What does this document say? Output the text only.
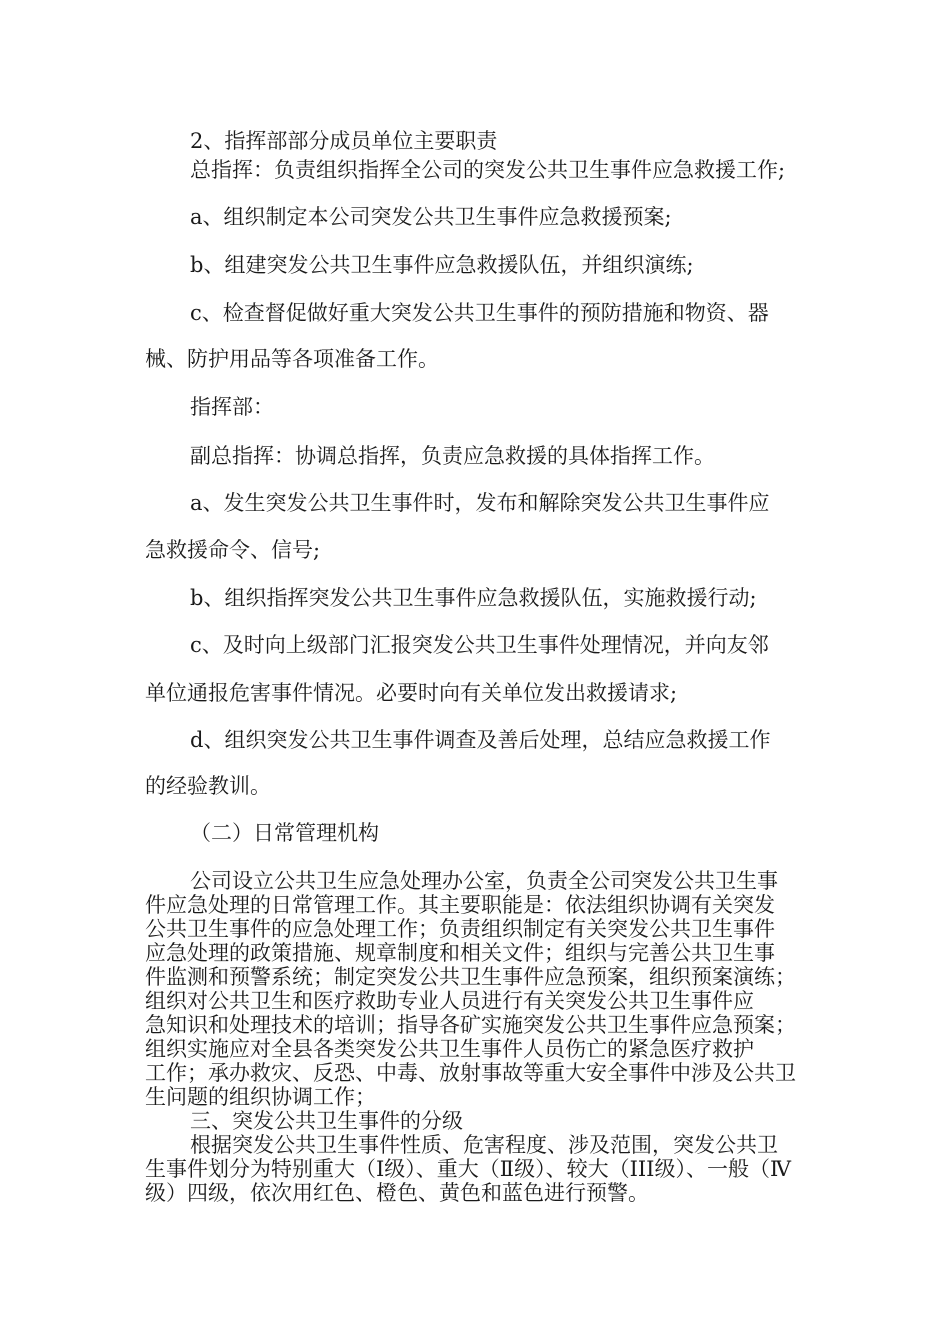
2、指挥部部分成员单位主要职责
总指挥：负责组织指挥全公司的突发公共卫生事件应急救援工作;
a、组织制定本公司突发公共卫生事件应急救援预案;
b、组建突发公共卫生事件应急救援队伍，并组织演练;
c、检查督促做好重大突发公共卫生事件的预防措施和物资、器
械、防护用品等各项准备工作。
指挥部：
副总指挥：协调总指挥，负责应急救援的具体指挥工作。
a、发生突发公共卫生事件时，发布和解除突发公共卫生事件应
急救援命令、信号;
b、组织指挥突发公共卫生事件应急救援队伍，实施救援行动;
c、及时向上级部门汇报突发公共卫生事件处理情况，并向友邻
单位通报危害事件情况。必要时向有关单位发出救援请求;
d、组织突发公共卫生事件调查及善后处理，总结应急救援工作
的经验教训。
（二）日常管理机构
公司设立公共卫生应急处理办公室，负责全公司突发公共卫生事
件应急处理的日常管理工作。其主要职能是：依法组织协调有关突发
公共卫生事件的应急处理工作；负责组织制定有关突发公共卫生事件
应急处理的政策措施、规章制度和相关文件；组织与完善公共卫生事
件监测和预警系统；制定突发公共卫生事件应急预案，组织预案演练；
组织对公共卫生和医疗救助专业人员进行有关突发公共卫生事件应
急知识和处理技术的培训；指导各矿实施突发公共卫生事件应急预案；
组织实施应对全县各类突发公共卫生事件人员伤亡的紧急医疗救护
工作；承办救灾、反恐、中毒、放射事故等重大安全事件中涉及公共卫
生问题的组织协调工作；
三、突发公共卫生事件的分级
根据突发公共卫生事件性质、危害程度、涉及范围，突发公共卫
生事件划分为特别重大（Ⅰ级）、重大（Ⅱ级）、较大（III级）、一般（Ⅳ
级）四级，依次用红色、橙色、黄色和蓝色进行预警。
